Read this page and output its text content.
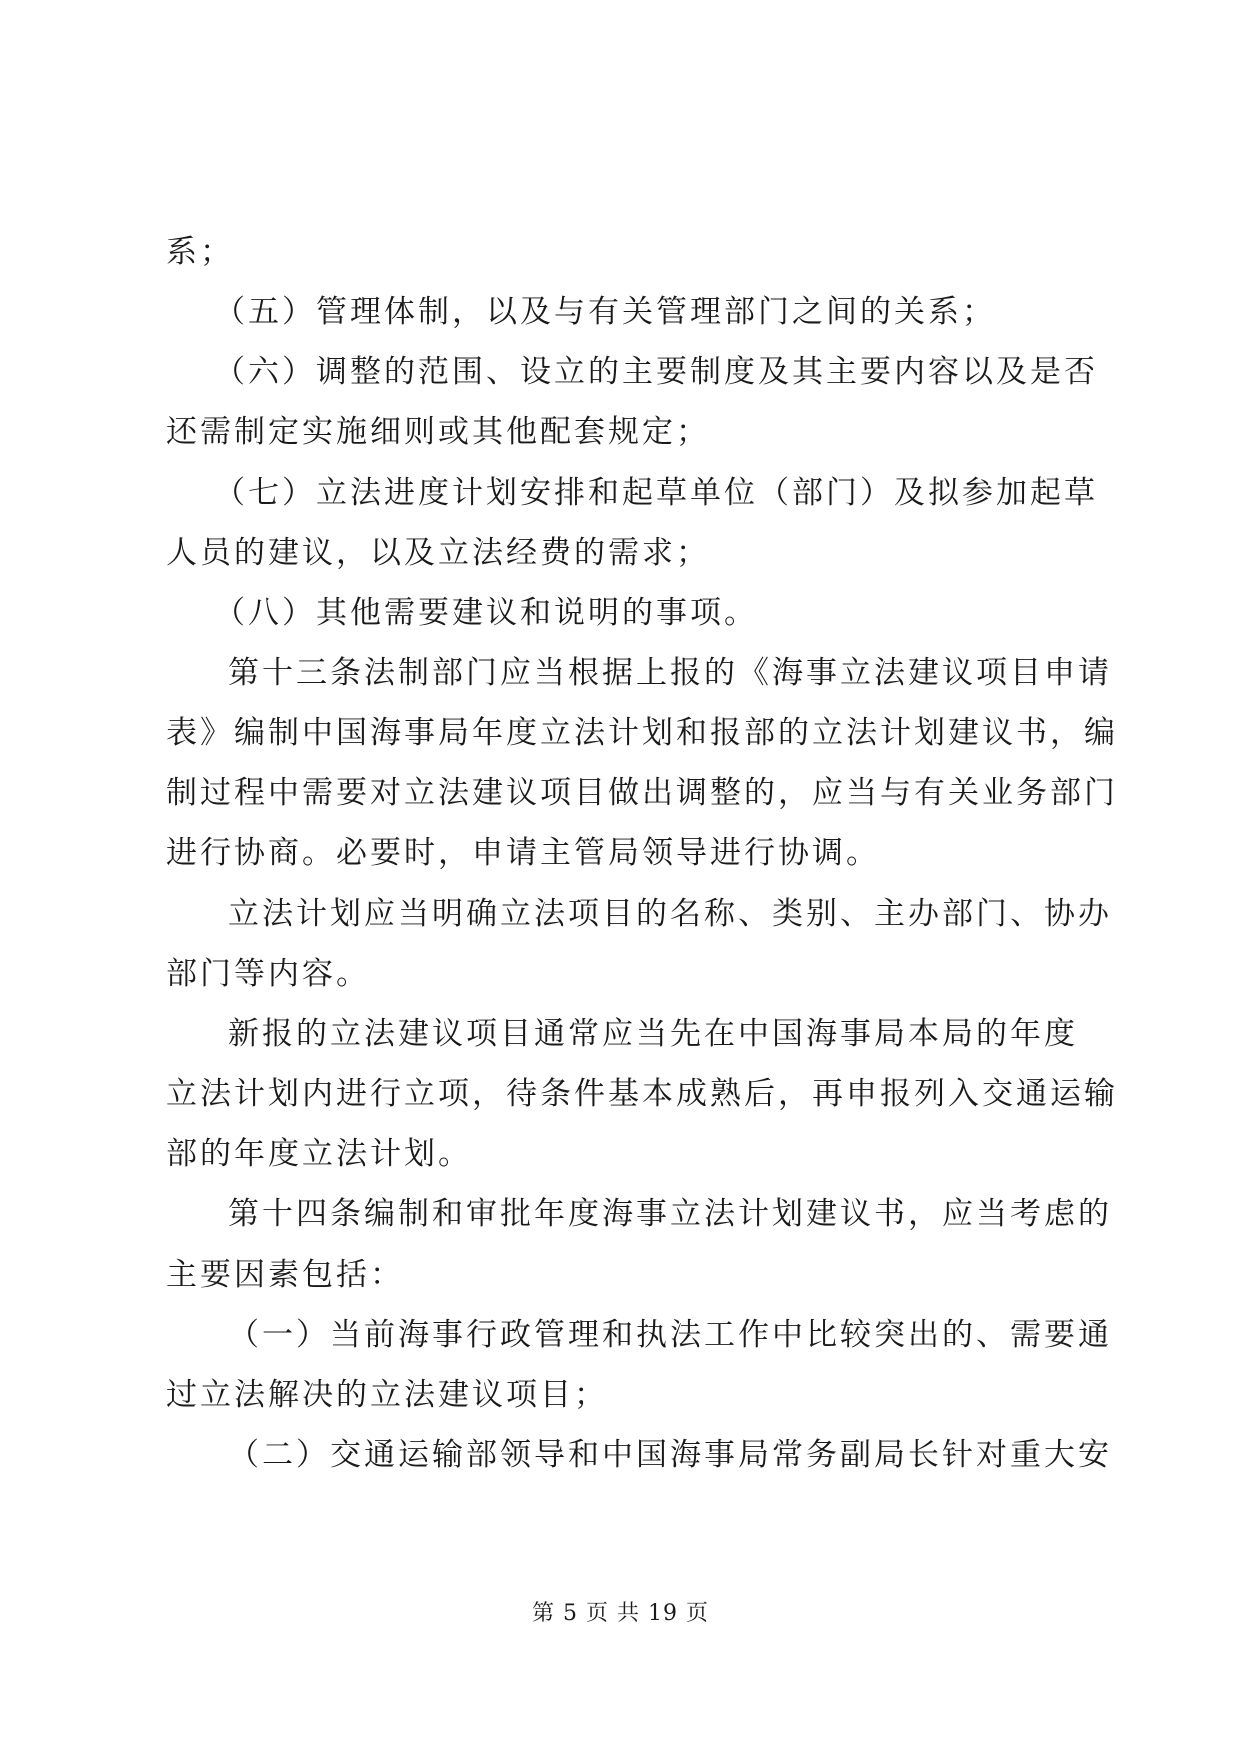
系；
（五）管理体制，以及与有关管理部门之间的关系；
（六）调整的范围、设立的主要制度及其主要内容以及是否
还需制定实施细则或其他配套规定；
（七）立法进度计划安排和起草单位（部门）及拟参加起草
人员的建议，以及立法经费的需求；
（八）其他需要建议和说明的事项。
第十三条法制部门应当根据上报的《海事立法建议项目申请
表》编制中国海事局年度立法计划和报部的立法计划建议书，编
制过程中需要对立法建议项目做出调整的，应当与有关业务部门
进行协商。必要时，申请主管局领导进行协调。
立法计划应当明确立法项目的名称、类别、主办部门、协办
部门等内容。
新报的立法建议项目通常应当先在中国海事局本局的年度
立法计划内进行立项，待条件基本成熟后，再申报列入交通运输
部的年度立法计划。
第十四条编制和审批年度海事立法计划建议书，应当考虑的
主要因素包括：
（一）当前海事行政管理和执法工作中比较突出的、需要通
过立法解决的立法建议项目；
（二）交通运输部领导和中国海事局常务副局长针对重大安
第 5 页 共 19 页
